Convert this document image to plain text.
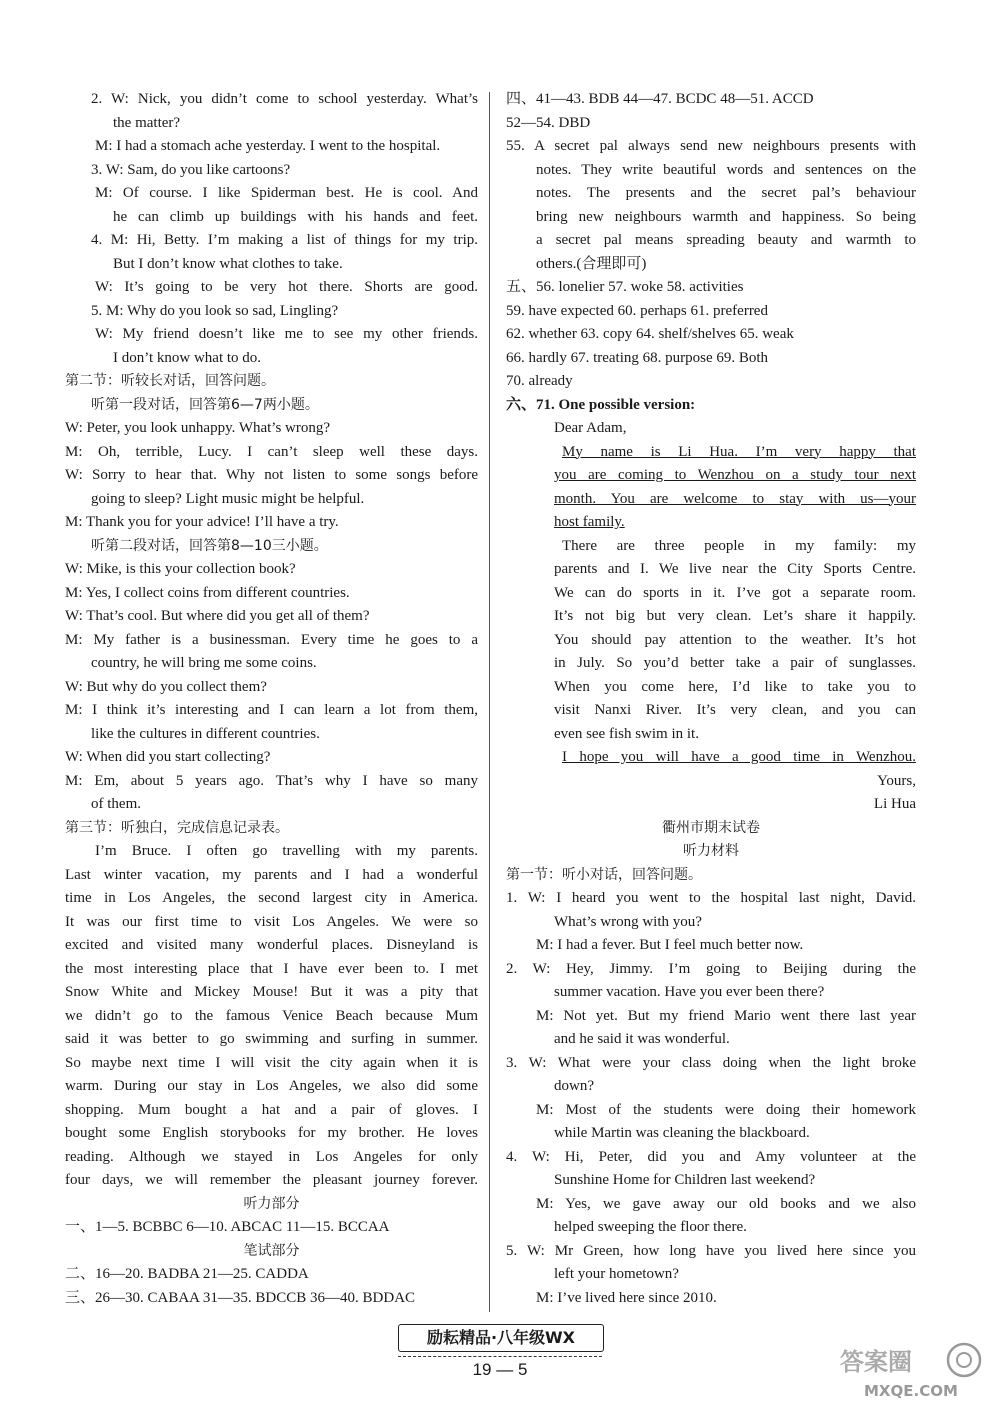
2. W: Nick, you didn’t come to school yesterday. What’s
the matter?
M: I had a stomach ache yesterday. I went to the hospital.
3. W: Sam, do you like cartoons?
M: Of course. I like Spiderman best. He is cool. And
he can climb up buildings with his hands and feet.
4. M: Hi, Betty. I’m making a list of things for my trip.
But I don’t know what clothes to take.
W: It’s going to be very hot there. Shorts are good.
5. M: Why do you look so sad, Lingling?
W: My friend doesn’t like me to see my other friends.
I don’t know what to do.
第二节：听较长对话，回答问题。
听第一段对话，回答第6—7两小题。
W: Peter, you look unhappy. What’s wrong?
M: Oh, terrible, Lucy. I can’t sleep well these days.
W: Sorry to hear that. Why not listen to some songs before
going to sleep? Light music might be helpful.
M: Thank you for your advice! I’ll have a try.
听第二段对话，回答第8—10三小题。
W: Mike, is this your collection book?
M: Yes, I collect coins from different countries.
W: That’s cool. But where did you get all of them?
M: My father is a businessman. Every time he goes to a
country, he will bring me some coins.
W: But why do you collect them?
M: I think it’s interesting and I can learn a lot from them,
like the cultures in different countries.
W: When did you start collecting?
M: Em, about 5 years ago. That’s why I have so many
of them.
第三节：听独白，完成信息记录表。
I’m Bruce. I often go travelling with my parents.
Last winter vacation, my parents and I had a wonderful
time in Los Angeles, the second largest city in America.
It was our first time to visit Los Angeles. We were so
excited and visited many wonderful places. Disneyland is
the most interesting place that I have ever been to. I met
Snow White and Mickey Mouse! But it was a pity that
we didn’t go to the famous Venice Beach because Mum
said it was better to go swimming and surfing in summer.
So maybe next time I will visit the city again when it is
warm. During our stay in Los Angeles, we also did some
shopping. Mum bought a hat and a pair of gloves. I
bought some English storybooks for my brother. He loves
reading. Although we stayed in Los Angeles for only
four days, we will remember the pleasant journey forever.
听力部分
一、1—5. BCBBC 6—10. ABCAC 11—15. BCCAA
笔试部分
二、16—20. BADBA 21—25. CADDA
三、26—30. CABAA 31—35. BDCCB 36—40. BDDAC
四、41—43. BDB 44—47. BCDC 48—51. ACCD
52—54. DBD
55. A secret pal always send new neighbours presents with
notes. They write beautiful words and sentences on the
notes. The presents and the secret pal’s behaviour
bring new neighbours warmth and happiness. So being
a secret pal means spreading beauty and warmth to
others.(合理即可)
五、56. lonelier 57. woke 58. activities
59. have expected 60. perhaps 61. preferred
62. whether 63. copy 64. shelf/shelves 65. weak
66. hardly 67. treating 68. purpose 69. Both
70. already
六、71. One possible version:
Dear Adam,
My name is Li Hua. I’m very happy that
you are coming to Wenzhou on a study tour next
month. You are welcome to stay with us—your
host family.
There are three people in my family: my
parents and I. We live near the City Sports Centre.
We can do sports in it. I’ve got a separate room.
It’s not big but very clean. Let’s share it happily.
You should pay attention to the weather. It’s hot
in July. So you’d better take a pair of sunglasses.
When you come here, I’d like to take you to
visit Nanxi River. It’s very clean, and you can
even see fish swim in it.
I hope you will have a good time in Wenzhou.
Yours,
Li Hua
衢州市期末试卷
听力材料
第一节：听小对话，回答问题。
1. W: I heard you went to the hospital last night, David.
What’s wrong with you?
M: I had a fever. But I feel much better now.
2. W: Hey, Jimmy. I’m going to Beijing during the
summer vacation. Have you ever been there?
M: Not yet. But my friend Mario went there last year
and he said it was wonderful.
3. W: What were your class doing when the light broke
down?
M: Most of the students were doing their homework
while Martin was cleaning the blackboard.
4. W: Hi, Peter, did you and Amy volunteer at the
Sunshine Home for Children last weekend?
M: Yes, we gave away our old books and we also
helped sweeping the floor there.
5. W: Mr Green, how long have you lived here since you
left your hometown?
M: I’ve lived here since 2010.
励耘精品·八年级WX
19 — 5	答案圈
MXQE.COM
